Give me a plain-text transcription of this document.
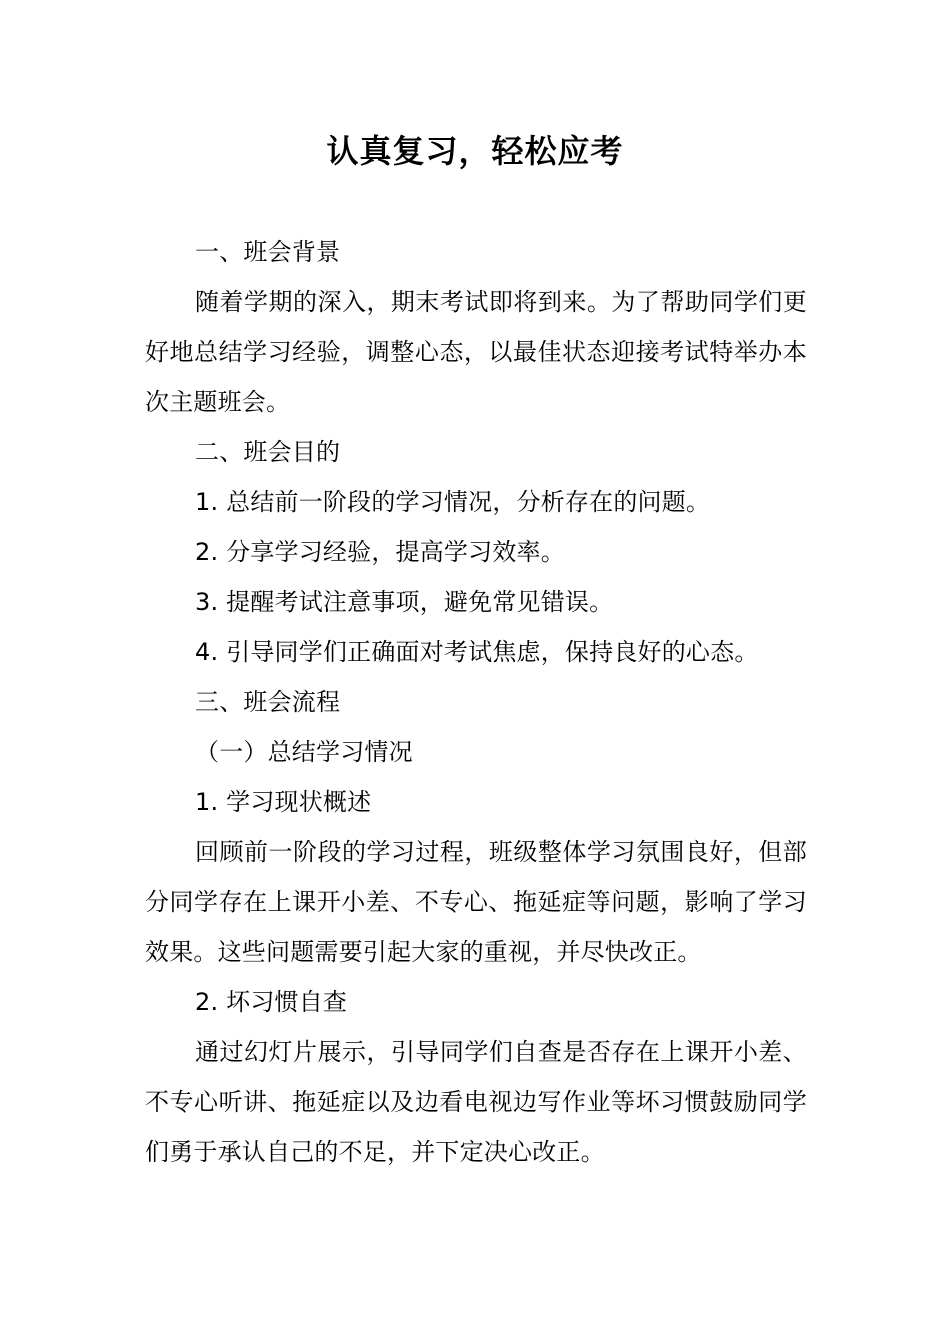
认真复习，轻松应考

一、班会背景

随着学期的深入，期末考试即将到来。为了帮助同学们更好地总结学习经验，调整心态，以最佳状态迎接考试特举办本次主题班会。

二、班会目的

1. 总结前一阶段的学习情况，分析存在的问题。

2. 分享学习经验，提高学习效率。

3. 提醒考试注意事项，避免常见错误。

4. 引导同学们正确面对考试焦虑，保持良好的心态。

三、班会流程

（一）总结学习情况

1. 学习现状概述

回顾前一阶段的学习过程，班级整体学习氛围良好，但部分同学存在上课开小差、不专心、拖延症等问题，影响了学习效果。这些问题需要引起大家的重视，并尽快改正。

2. 坏习惯自查

通过幻灯片展示，引导同学们自查是否存在上课开小差、不专心听讲、拖延症以及边看电视边写作业等坏习惯鼓励同学们勇于承认自己的不足，并下定决心改正。
